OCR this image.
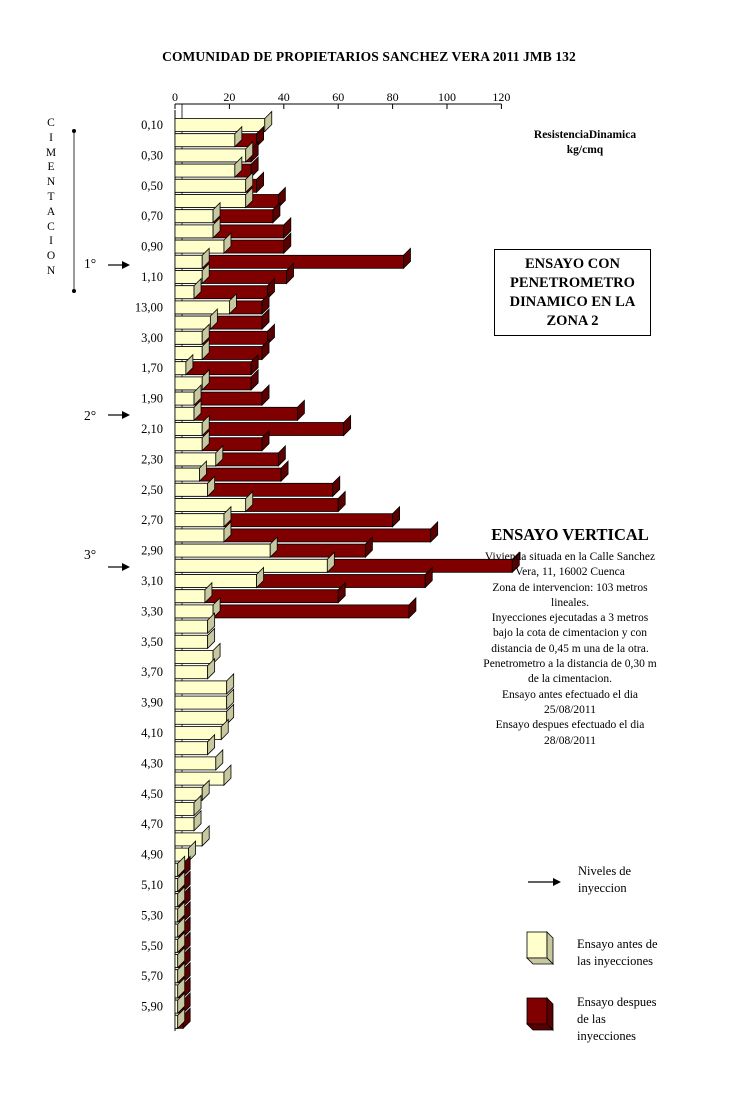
COMUNIDAD DE PROPIETARIOS SANCHEZ VERA 2011 JMB 132
0	20	40	60	80	100	120
0,10
0,30
0,50
0,70
0,90
1,10
13,00
3,00
1,70
1,90
2,10
2,30
2,50
2,70
2,90
3,10
3,30
3,50
3,70
3,90
4,10
4,30
4,50
4,70
4,90
5,10
5,30
5,50
5,70
5,90
ResistenciaDinamica
kg/cmq
ENSAYO CON
PENETROMETRO
DINAMICO EN LA
ZONA 2
ENSAYO VERTICAL
Vivienda situada en la Calle Sanchez
Vera, 11, 16002 Cuenca
Zona de intervencion: 103 metros
lineales.
Inyecciones ejecutadas a 3 metros
bajo la cota de cimentacion y con
distancia de 0,45 m una de la otra.
Penetrometro a la distancia de 0,30 m
de la cimentacion.
Ensayo antes efectuado el dia
25/08/2011
Ensayo despues efectuado el dia
28/08/2011
C
I
M
E
N
T
A
C
I
O
N 1°
2°
3°
Niveles de
inyeccion
Ensayo antes de
las inyecciones
Ensayo despues
de las
inyecciones
